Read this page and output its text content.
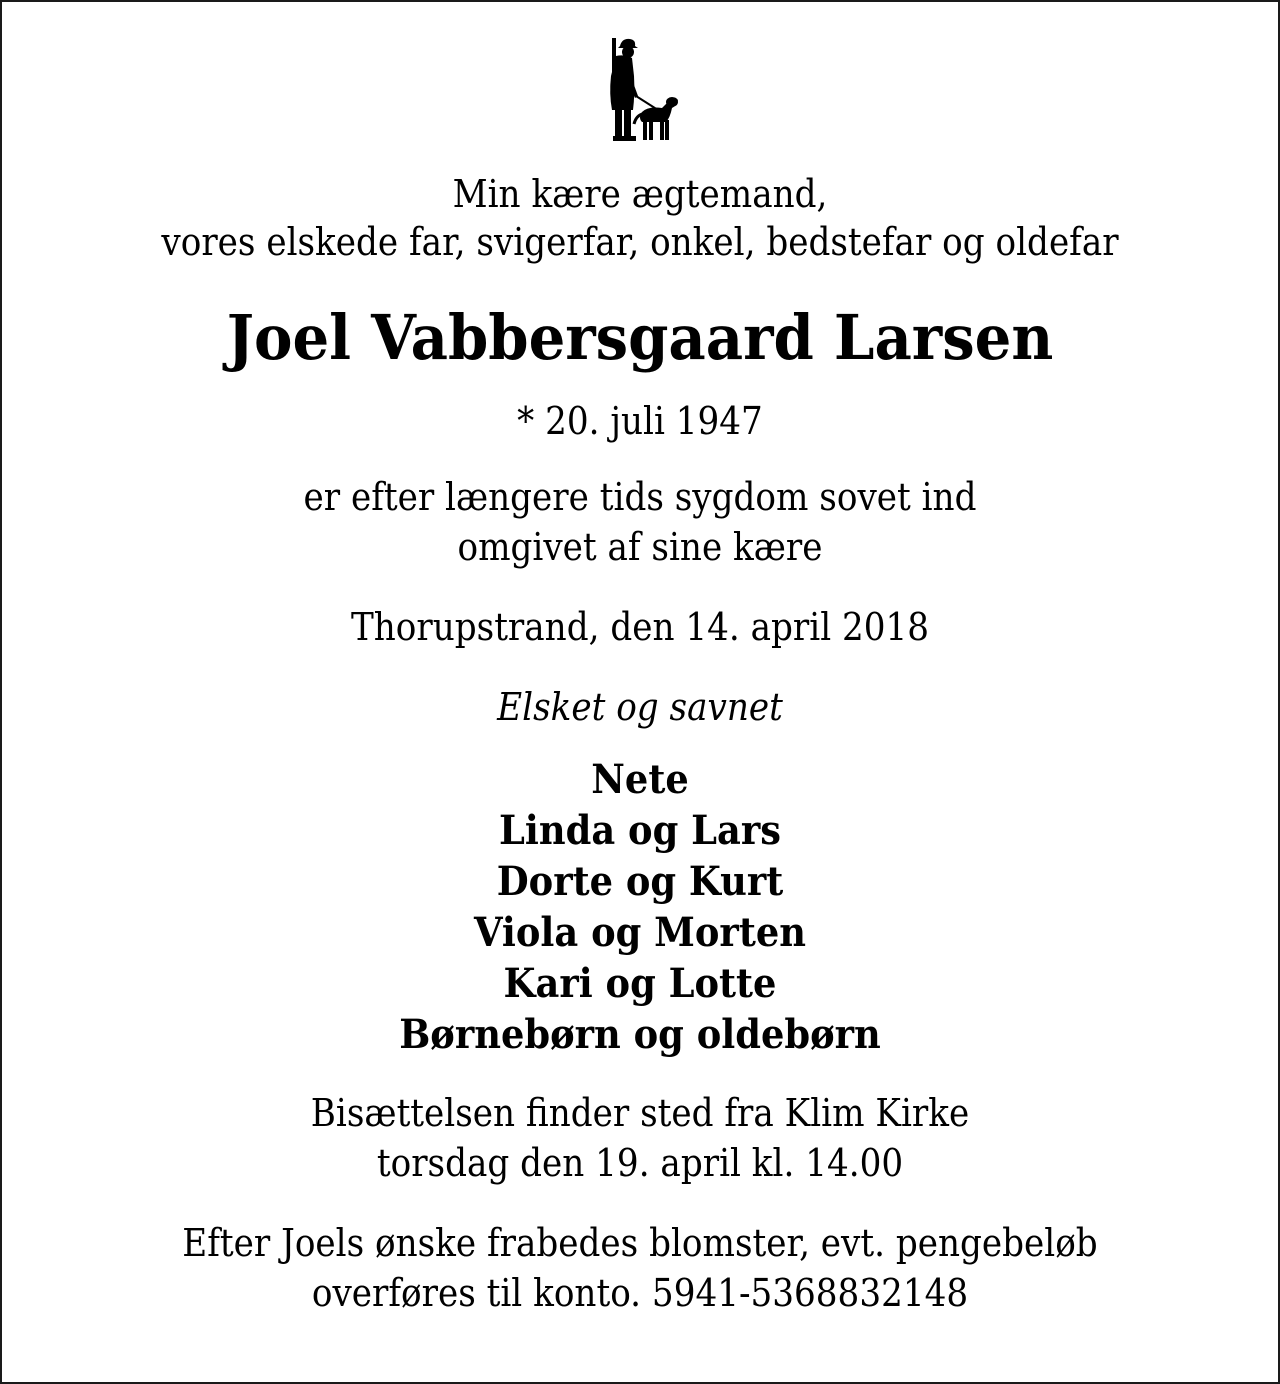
Min kære ægtemand,
vores elskede far, svigerfar, onkel, bedstefar og oldefar
Joel Vabbersgaard Larsen
* 20. juli 1947
er efter længere tids sygdom sovet ind
omgivet af sine kære
Thorupstrand, den 14. april 2018
Elsket og savnet
Nete
Linda og Lars
Dorte og Kurt
Viola og Morten
Kari og Lotte
Børnebørn og oldebørn
Bisættelsen finder sted fra Klim Kirke
torsdag den 19. april kl. 14.00
Efter Joels ønske frabedes blomster, evt. pengebeløb
overføres til konto. 5941-5368832148
